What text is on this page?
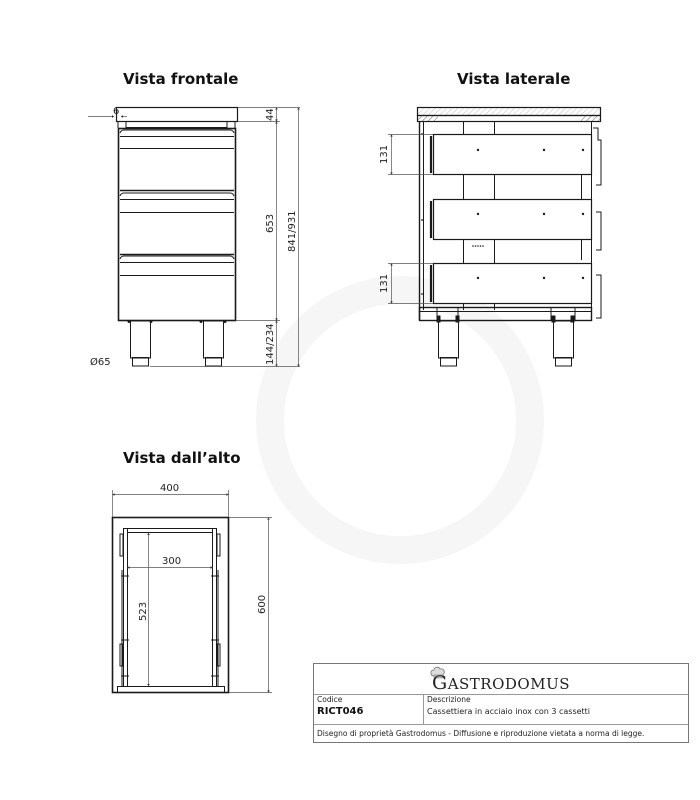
Vista frontale	Vista laterale
Vista dall’alto
6	44
653
144/234
841/931
Ø65
131
131
400
600
300
523
GASTRODOMUS
Codice
RICT046
Descrizione
Cassettiera in acciaio inox con 3 cassetti
Disegno di proprietà Gastrodomus - Diffusione e riproduzione vietata a norma di legge.
